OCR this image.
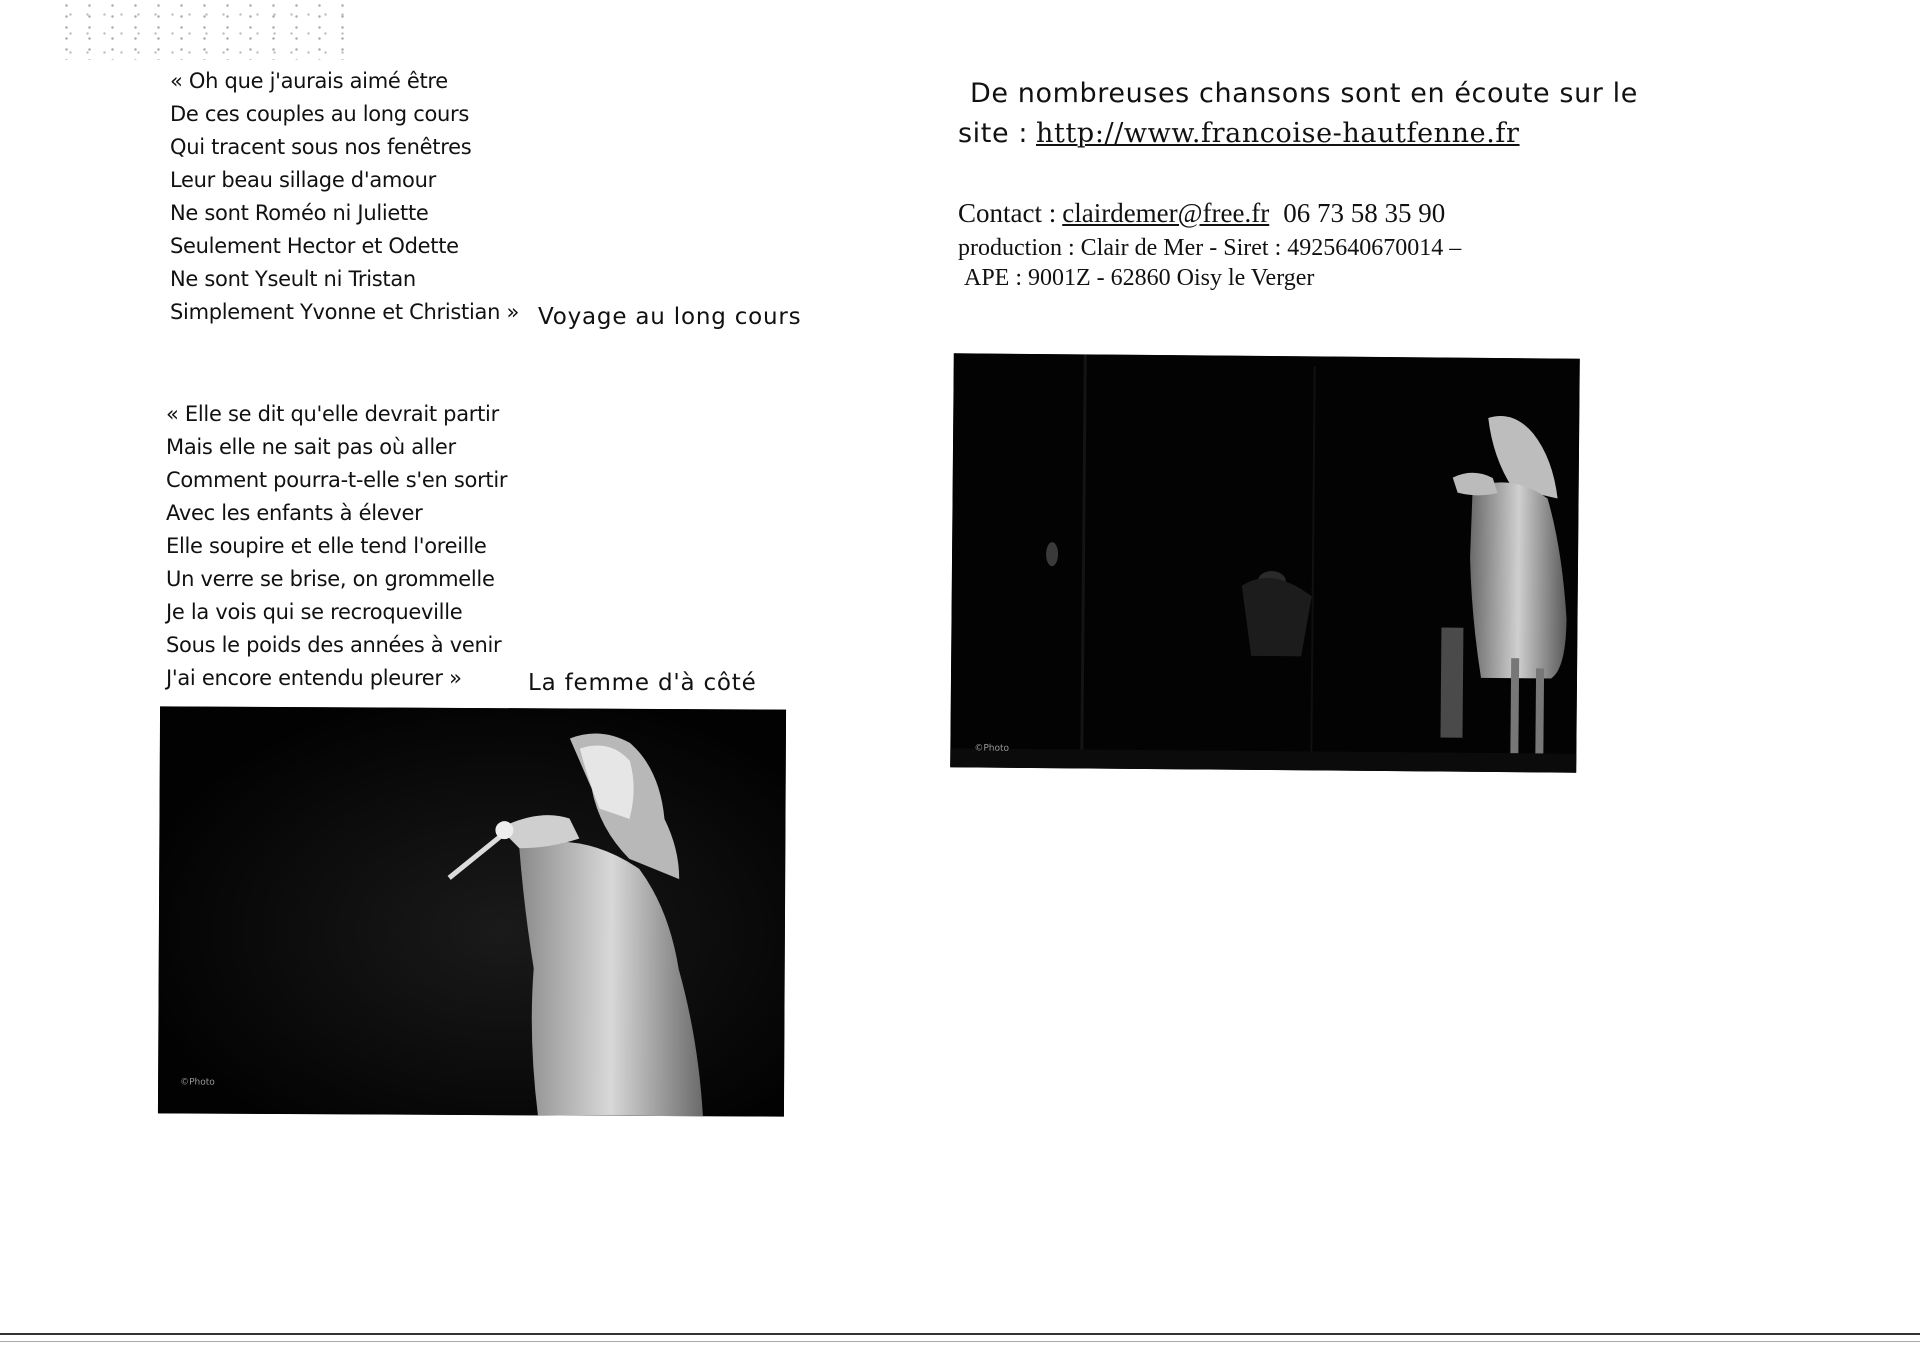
« Oh que j'aurais aimé être
De ces couples au long cours
Qui tracent sous nos fenêtres
Leur beau sillage d'amour
Ne sont Roméo ni Juliette
Seulement Hector et Odette
Ne sont Yseult ni Tristan
Simplement Yvonne et Christian » Voyage au long cours
« Elle se dit qu'elle devrait partir
Mais elle ne sait pas où aller
Comment pourra-t-elle s'en sortir
Avec les enfants à élever
Elle soupire et elle tend l'oreille
Un verre se brise, on grommelle
Je la vois qui se recroqueville
Sous le poids des années à venir
J'ai encore entendu pleurer »	La femme d'à côté
©Photo
De nombreuses chansons sont en écoute sur le
site : http://www.francoise-hautfenne.fr
Contact : clairdemer@free.fr 06 73 58 35 90
production : Clair de Mer - Siret : 4925640670014 –
APE : 9001Z - 62860 Oisy le Verger
©Photo
